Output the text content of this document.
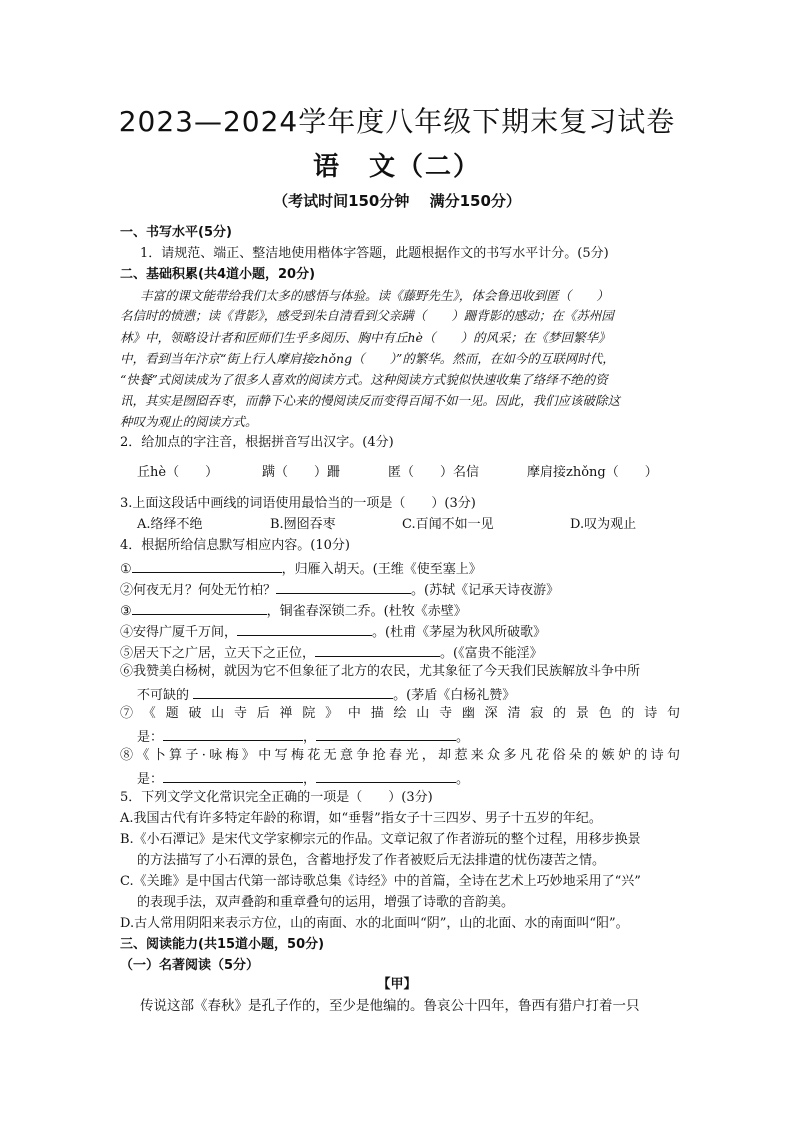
2023—2024学年度八年级下期末复习试卷
语　文（二）
（考试时间150分钟　 满分150分）
一、书写水平(5分)
1．请规范、端正、整洁地使用楷体字答题，此题根据作文的书写水平计分。(5分)
二、基础积累(共4道小题，20分)
丰富的课文能带给我们太多的感悟与体验。读《藤野先生》，体会鲁迅收到匿（　　）
名信时的愤懑；读《背影》，感受到朱自清看到父亲蹒（　　）跚背影的感动；在《苏州园
林》中，领略设计者和匠师们生乎多阅历、胸中有丘hè（　　）的风采；在《梦回繁华》
中，看到当年汴京“街上行人摩肩接zhǒng（　　）”的繁华。然而，在如今的互联网时代，
“快餐”式阅读成为了很多人喜欢的阅读方式。这种阅读方式貌似快速收集了络绎不绝的资
讯，其实是囫囵吞枣，而静下心来的慢阅读反而变得百闻不如一见。因此，我们应该破除这
种叹为观止的阅读方式。
2．给加点的字注音，根据拼音写出汉字。(4分)
丘hè（　　）	蹒（　　）跚	匿（　　）名信	摩肩接zhǒng（　　）
3.上面这段话中画线的词语使用最恰当的一项是（　　）(3分)
A.络绎不绝	B.囫囵吞枣	C.百闻不如一见	D.叹为观止
4．根据所给信息默写相应内容。(10分)
①	，归雁入胡天。(王维《使至塞上》
②何夜无月？何处无竹柏？	。(苏轼《记承天诗夜游》
③	，铜雀春深锁二乔。(杜牧《赤壁》
④安得广厦千万间，	。(杜甫《茅屋为秋风所破歌》
⑤居天下之广居，立天下之正位，	。(《富贵不能淫》
⑥我赞美白杨树，就因为它不但象征了北方的农民，尤其象征了今天我们民族解放斗争中所
不可缺的	。(茅盾《白杨礼赞》
⑦《题破山寺后禅院》中描绘山寺幽深清寂的景色的诗句
是：	，	。
⑧《卜算子·咏梅》中写梅花无意争抢春光，却惹来众多凡花俗朵的嫉妒的诗句
是：	，	。
5．下列文学文化常识完全正确的一项是（　　）(3分)
A.我国古代有许多特定年龄的称谓，如“垂髫”指女子十三四岁、男子十五岁的年纪。
B.《小石潭记》是宋代文学家柳宗元的作品。文章记叙了作者游玩的整个过程，用移步换景
的方法描写了小石潭的景色，含蓄地抒发了作者被贬后无法排遣的忧伤凄苦之情。
C.《关雎》是中国古代第一部诗歌总集《诗经》中的首篇，全诗在艺术上巧妙地采用了“兴”
的表现手法，双声叠韵和重章叠句的运用，增强了诗歌的音韵美。
D.古人常用阴阳来表示方位，山的南面、水的北面叫“阴”，山的北面、水的南面叫“阳”。
三、阅读能力(共15道小题，50分)
（一）名著阅读（5分）
【甲】
传说这部《春秋》是孔子作的，至少是他编的。鲁哀公十四年，鲁西有猎户打着一只
